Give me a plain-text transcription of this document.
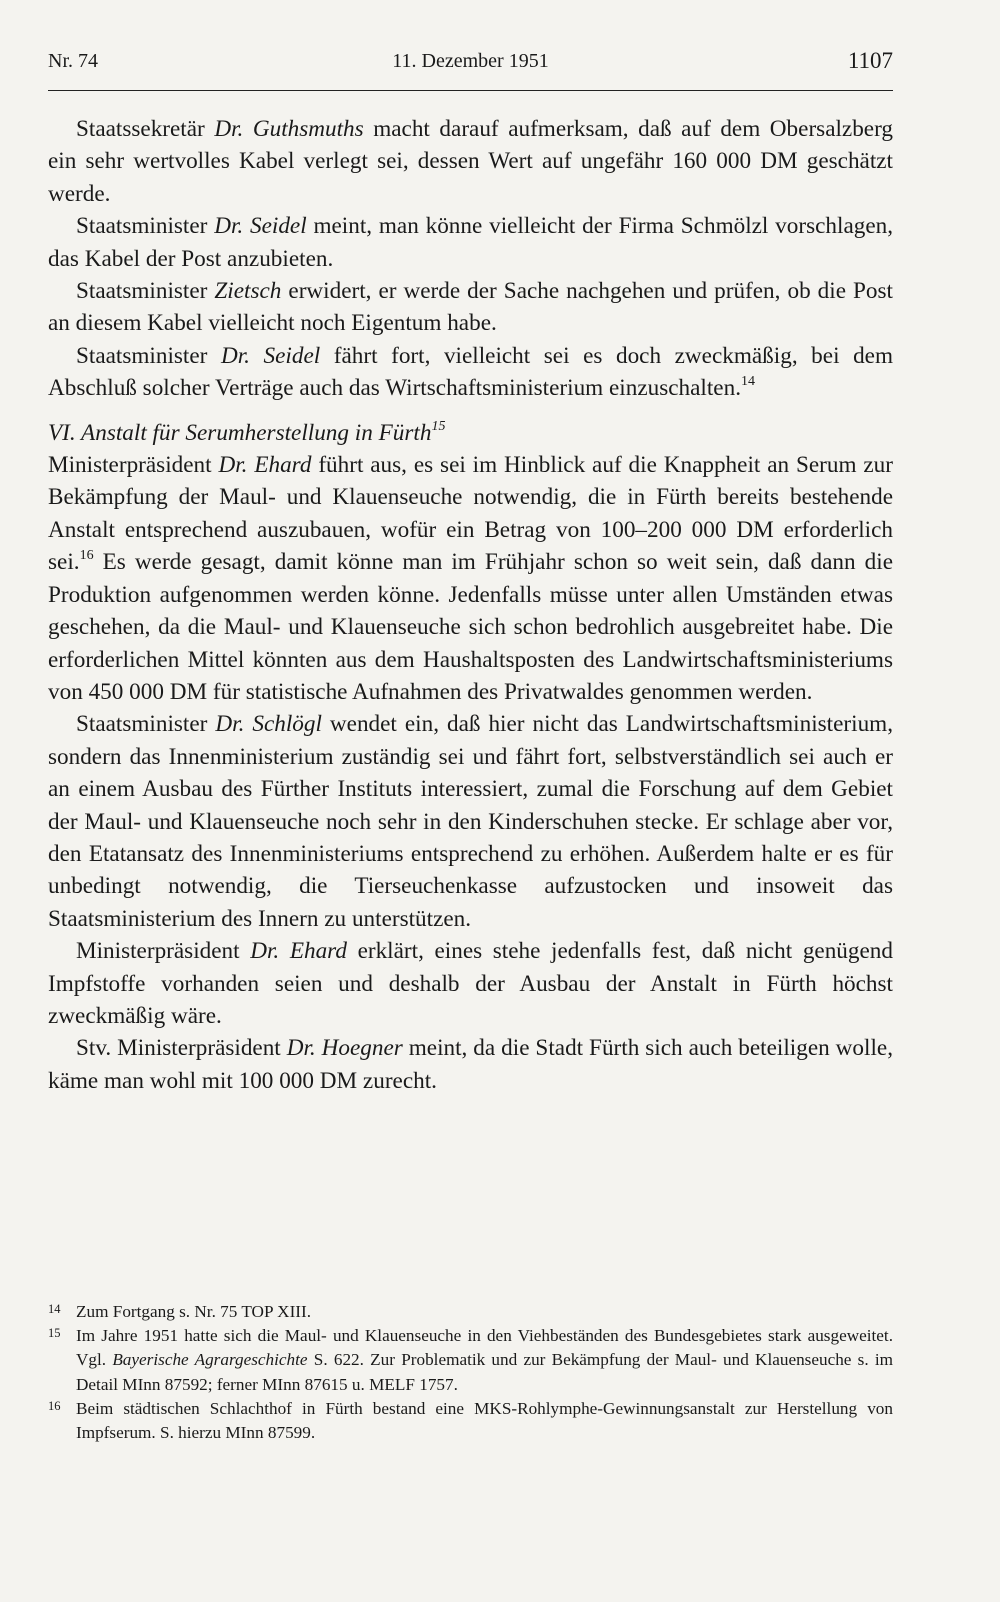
Nr. 74	11. Dezember 1951	1107

Staatssekretär Dr. Guthsmuths macht darauf aufmerksam, daß auf dem Obersalzberg ein sehr wertvolles Kabel verlegt sei, dessen Wert auf ungefähr 160 000 DM geschätzt werde.

Staatsminister Dr. Seidel meint, man könne vielleicht der Firma Schmölzl vorschlagen, das Kabel der Post anzubieten.

Staatsminister Zietsch erwidert, er werde der Sache nachgehen und prüfen, ob die Post an diesem Kabel vielleicht noch Eigentum habe.

Staatsminister Dr. Seidel fährt fort, vielleicht sei es doch zweckmäßig, bei dem Abschluß solcher Verträge auch das Wirtschaftsministerium einzuschalten.$^{14}$

VI. Anstalt für Serumherstellung in Fürth$^{15}$

Ministerpräsident Dr. Ehard führt aus, es sei im Hinblick auf die Knappheit an Serum zur Bekämpfung der Maul- und Klauenseuche notwendig, die in Fürth bereits bestehende Anstalt entsprechend auszubauen, wofür ein Betrag von 100–200 000 DM erforderlich sei.$^{16}$ Es werde gesagt, damit könne man im Frühjahr schon so weit sein, daß dann die Produktion aufgenommen werden könne. Jedenfalls müsse unter allen Umständen etwas geschehen, da die Maul- und Klauenseuche sich schon bedrohlich ausgebreitet habe. Die erforderlichen Mittel könnten aus dem Haushaltsposten des Landwirtschaftsministeriums von 450 000 DM für statistische Aufnahmen des Privatwaldes genommen werden.

Staatsminister Dr. Schlögl wendet ein, daß hier nicht das Landwirtschaftsministerium, sondern das Innenministerium zuständig sei und fährt fort, selbstverständlich sei auch er an einem Ausbau des Fürther Instituts interessiert, zumal die Forschung auf dem Gebiet der Maul- und Klauenseuche noch sehr in den Kinderschuhen stecke. Er schlage aber vor, den Etatansatz des Innenministeriums entsprechend zu erhöhen. Außerdem halte er es für unbedingt notwendig, die Tierseuchenkasse aufzustocken und insoweit das Staatsministerium des Innern zu unterstützen.

Ministerpräsident Dr. Ehard erklärt, eines stehe jedenfalls fest, daß nicht genügend Impfstoffe vorhanden seien und deshalb der Ausbau der Anstalt in Fürth höchst zweckmäßig wäre.

Stv. Ministerpräsident Dr. Hoegner meint, da die Stadt Fürth sich auch beteiligen wolle, käme man wohl mit 100 000 DM zurecht.

14 Zum Fortgang s. Nr. 75 TOP XIII.

15 Im Jahre 1951 hatte sich die Maul- und Klauenseuche in den Viehbeständen des Bundesgebietes stark ausgeweitet. Vgl. Bayerische Agrargeschichte S. 622. Zur Problematik und zur Bekämpfung der Maul- und Klauenseuche s. im Detail MInn 87592; ferner MInn 87615 u. MELF 1757.

16 Beim städtischen Schlachthof in Fürth bestand eine MKS-Rohlymphe-Gewinnungsanstalt zur Herstellung von Impfserum. S. hierzu MInn 87599.
